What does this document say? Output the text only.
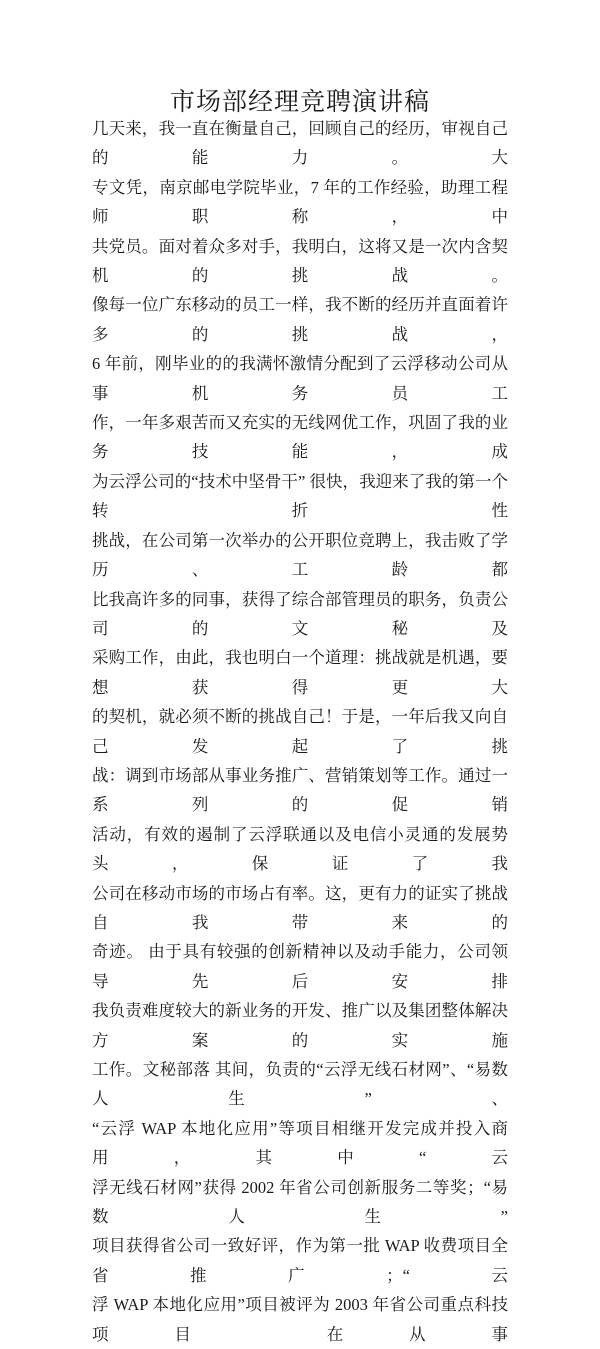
市场部经理竞聘演讲稿
几天来，我一直在衡量自己，回顾自己的经历，审视自己的能力。大
专文凭，南京邮电学院毕业，7 年的工作经验，助理工程师职称，中
共党员。面对着众多对手，我明白，这将又是一次内含契机的挑战。
像每一位广东移动的员工一样，我不断的经历并直面着许多的挑战，
6 年前，刚毕业的的我满怀激情分配到了云浮移动公司从事机务员工
作，一年多艰苦而又充实的无线网优工作，巩固了我的业务技能，成
为云浮公司的“技术中坚骨干” 很快，我迎来了我的第一个转折性
挑战，在公司第一次举办的公开职位竞聘上，我击败了学历、工龄都
比我高许多的同事，获得了综合部管理员的职务，负责公司的文秘及
采购工作，由此，我也明白一个道理：挑战就是机遇，要想获得更大
的契机，就必须不断的挑战自己！于是，一年后我又向自己发起了挑
战：调到市场部从事业务推广、营销策划等工作。通过一系列的促销
活动，有效的遏制了云浮联通以及电信小灵通的发展势头，保证了我
公司在移动市场的市场占有率。这，更有力的证实了挑战自我带来的
奇迹。 由于具有较强的创新精神以及动手能力，公司领导先后安排
我负责难度较大的新业务的开发、推广以及集团整体解决方案的实施
工作。文秘部落 其间，负责的“云浮无线石材网”、“易数人生”、
“云浮 WAP 本地化应用”等项目相继开发完成并投入商用，其中“云
浮无线石材网”获得 2002 年省公司创新服务二等奖；“易数人生”
项目获得省公司一致好评，作为第一批 WAP 收费项目全省推广；“云
浮 WAP 本地化应用”项目被评为 2003 年省公司重点科技项目 在从事
